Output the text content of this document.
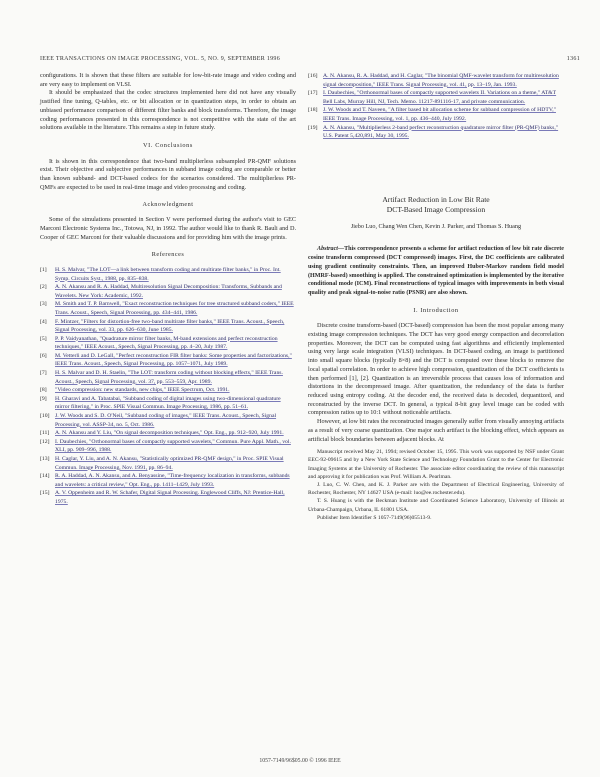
IEEE TRANSACTIONS ON IMAGE PROCESSING, VOL. 5, NO. 9, SEPTEMBER 1996	1361

configurations. It is shown that these filters are suitable for low-bit-rate image and video coding and are very easy to implement on VLSI.

It should be emphasized that the codec structures implemented here did not have any visually justified fine tuning, Q-tables, etc. or bit allocation or in quantization steps, in order to obtain an unbiased performance comparison of different filter banks and block transforms. Therefore, the image coding performances presented in this correspondence is not competitive with the state of the art solutions available in the literature. This remains a step in future study.

VI. Conclusions

It is shown in this correspondence that two-band multiplierless subsampled PR-QMF solutions exist. Their objective and subjective performances in subband image coding are comparable or better than known subband- and DCT-based codecs for the scenarios considered. The multiplierless PR-QMFs are expected to be used in real-time image and video processing and coding.

Acknowledgment

Some of the simulations presented in Section V were performed during the author's visit to GEC Marconi Electronic Systems Inc., Totowa, NJ, in 1992. The author would like to thank R. Bauli and D. Cooper of GEC Marconi for their valuable discussions and for providing him with the image prints.

References
[1] H. S. Malvar, "The LOT—a link between transform coding and multirate filter banks," in Proc. Int. Symp. Circuits Syst., 1988, pp. 835–838.
[2] A. N. Akansu and R. A. Haddad, Multiresolution Signal Decomposition: Transforms, Subbands and Wavelets. New York: Academic, 1992.
[3] M. Smith and T. P. Barnwell, "Exact reconstruction techniques for tree structured subband coders," IEEE Trans. Acoust., Speech, Signal Processing, pp. 434–441, 1986.
[4] F. Mintzer, "Filters for distortion-free two-band multirate filter banks," IEEE Trans. Acoust., Speech, Signal Processing, vol. 33, pp. 626–630, June 1985.
[5] P. P. Vaidyanathan, "Quadrature mirror filter banks, M-band extensions and perfect reconstruction techniques," IEEE Acoust., Speech, Signal Processing, pp. 4–20, July 1987.
[6] M. Vetterli and D. LeGall, "Perfect reconstruction FIR filter banks: Some properties and factorizations," IEEE Trans. Acoust., Speech, Signal Processing, pp. 1057–1071, July 1989.
[7] H. S. Malvar and D. H. Staelin, "The LOT: transform coding without blocking effects," IEEE Trans. Acoust., Speech, Signal Processing, vol. 37, pp. 553–559, Apr. 1989.
[8] "Video compression: new standards, new chips," IEEE Spectrum, Oct. 1991.
[9] H. Gharavi and A. Tabatabai, "Subband coding of digital images using two-dimensional quadrature mirror filtering," in Proc. SPIE Visual Commun. Image Processing, 1986, pp. 51–61.
[10] J. W. Woods and S. D. O'Neil, "Subband coding of images," IEEE Trans. Acoust., Speech, Signal Processing, vol. ASSP-34, no. 5, Oct. 1986.
[11] A. N. Akansu and Y. Liu, "On signal decomposition techniques," Opt. Eng., pp. 912–920, July 1991.
[12] I. Daubechies, "Orthonormal bases of compactly supported wavelets," Commun. Pure Appl. Math., vol. XLI, pp. 909–996, 1988.
[13] H. Caglar, Y. Liu, and A. N. Akansu, "Statistically optimized PR-QMF design," in Proc. SPIE Visual Commun. Image Processing, Nov. 1991, pp. 86–94.
[14] R. A. Haddad, A. N. Akansu, and A. Benyassine, "Time-frequency localization in transforms, subbands and wavelets: a critical review," Opt. Eng., pp. 1411–1429, July 1993.
[15] A. V. Oppenheim and R. W. Schafer, Digital Signal Processing. Englewood Cliffs, NJ: Prentice-Hall, 1975.
[16] A. N. Akansu, R. A. Haddad, and H. Caglar, "The binomial QMF-wavelet transform for multiresolution signal decomposition," IEEE Trans. Signal Processing, vol. 41, pp. 13–19, Jan. 1993.
[17] I. Daubechies, "Orthonormal bases of compactly supported wavelets II. Variations on a theme," AT&T Bell Labs, Murray Hill, NJ, Tech. Memo. 11217-891116-17, and private communication.
[18] J. W. Woods and T. Naveen, "A filter based bit allocation scheme for subband compression of HDTV," IEEE Trans. Image Processing, vol. 1, pp. 436–440, July 1992.
[19] A. N. Akansu, "Multiplierless 2-band perfect reconstruction quadrature mirror filter (PR-QMF) banks," U.S. Patent 5,420,891, May 30, 1995.
Artifact Reduction in Low Bit Rate
DCT-Based Image Compression
Jiebo Luo, Chang Wen Chen, Kevin J. Parker, and Thomas S. Huang

Abstract—This correspondence presents a scheme for artifact reduction of low bit rate discrete cosine transform compressed (DCT compressed) images. First, the DC coefficients are calibrated using gradient continuity constraints. Then, an improved Huber-Markov random field model (HMRF-based) smoothing is applied. The constrained optimization is implemented by the iterative conditional mode (ICM). Final reconstructions of typical images with improvements in both visual quality and peak signal-to-noise ratio (PSNR) are also shown.

I. Introduction

Discrete cosine transform-based (DCT-based) compression has been the most popular among many existing image compression techniques. The DCT has very good energy compaction and decorrelation properties. Moreover, the DCT can be computed using fast algorithms and efficiently implemented using very large scale integration (VLSI) techniques. In DCT-based coding, an image is partitioned into small square blocks (typically 8×8) and the DCT is computed over these blocks to remove the local spatial correlation. In order to achieve high compression, quantization of the DCT coefficients is then performed [1], [2]. Quantization is an irreversible process that causes loss of information and distortions in the decompressed image. After quantization, the redundancy of the data is further reduced using entropy coding. At the decoder end, the received data is decoded, dequantized, and reconstructed by the inverse DCT. In general, a typical 8-bit gray level image can be coded with compression ratios up to 10:1 without noticeable artifacts.

However, at low bit rates the reconstructed images generally suffer from visually annoying artifacts as a result of very coarse quantization. One major such artifact is the blocking effect, which appears as artificial block boundaries between adjacent blocks. At

Manuscript received May 21, 1994; revised October 15, 1995. This work was supported by NSF under Grant EEC-92-09615 and by a New York State Science and Technology Foundation Grant to the Center for Electronic Imaging Systems at the University of Rochester. The associate editor coordinating the review of this manuscript and approving it for publication was Prof. William A. Pearlman.

J. Luo, C. W. Chen, and K. J. Parker are with the Department of Electrical Engineering, University of Rochester, Rochester, NY 14627 USA (e-mail: luo@ee.rochester.edu).

T. S. Huang is with the Beckman Institute and Coordinated Science Laboratory, University of Illinois at Urbana-Champaign, Urbana, IL 61801 USA.

Publisher Item Identifier S 1057-7149(96)05513-9.

1057-7149/96$05.00 © 1996 IEEE
